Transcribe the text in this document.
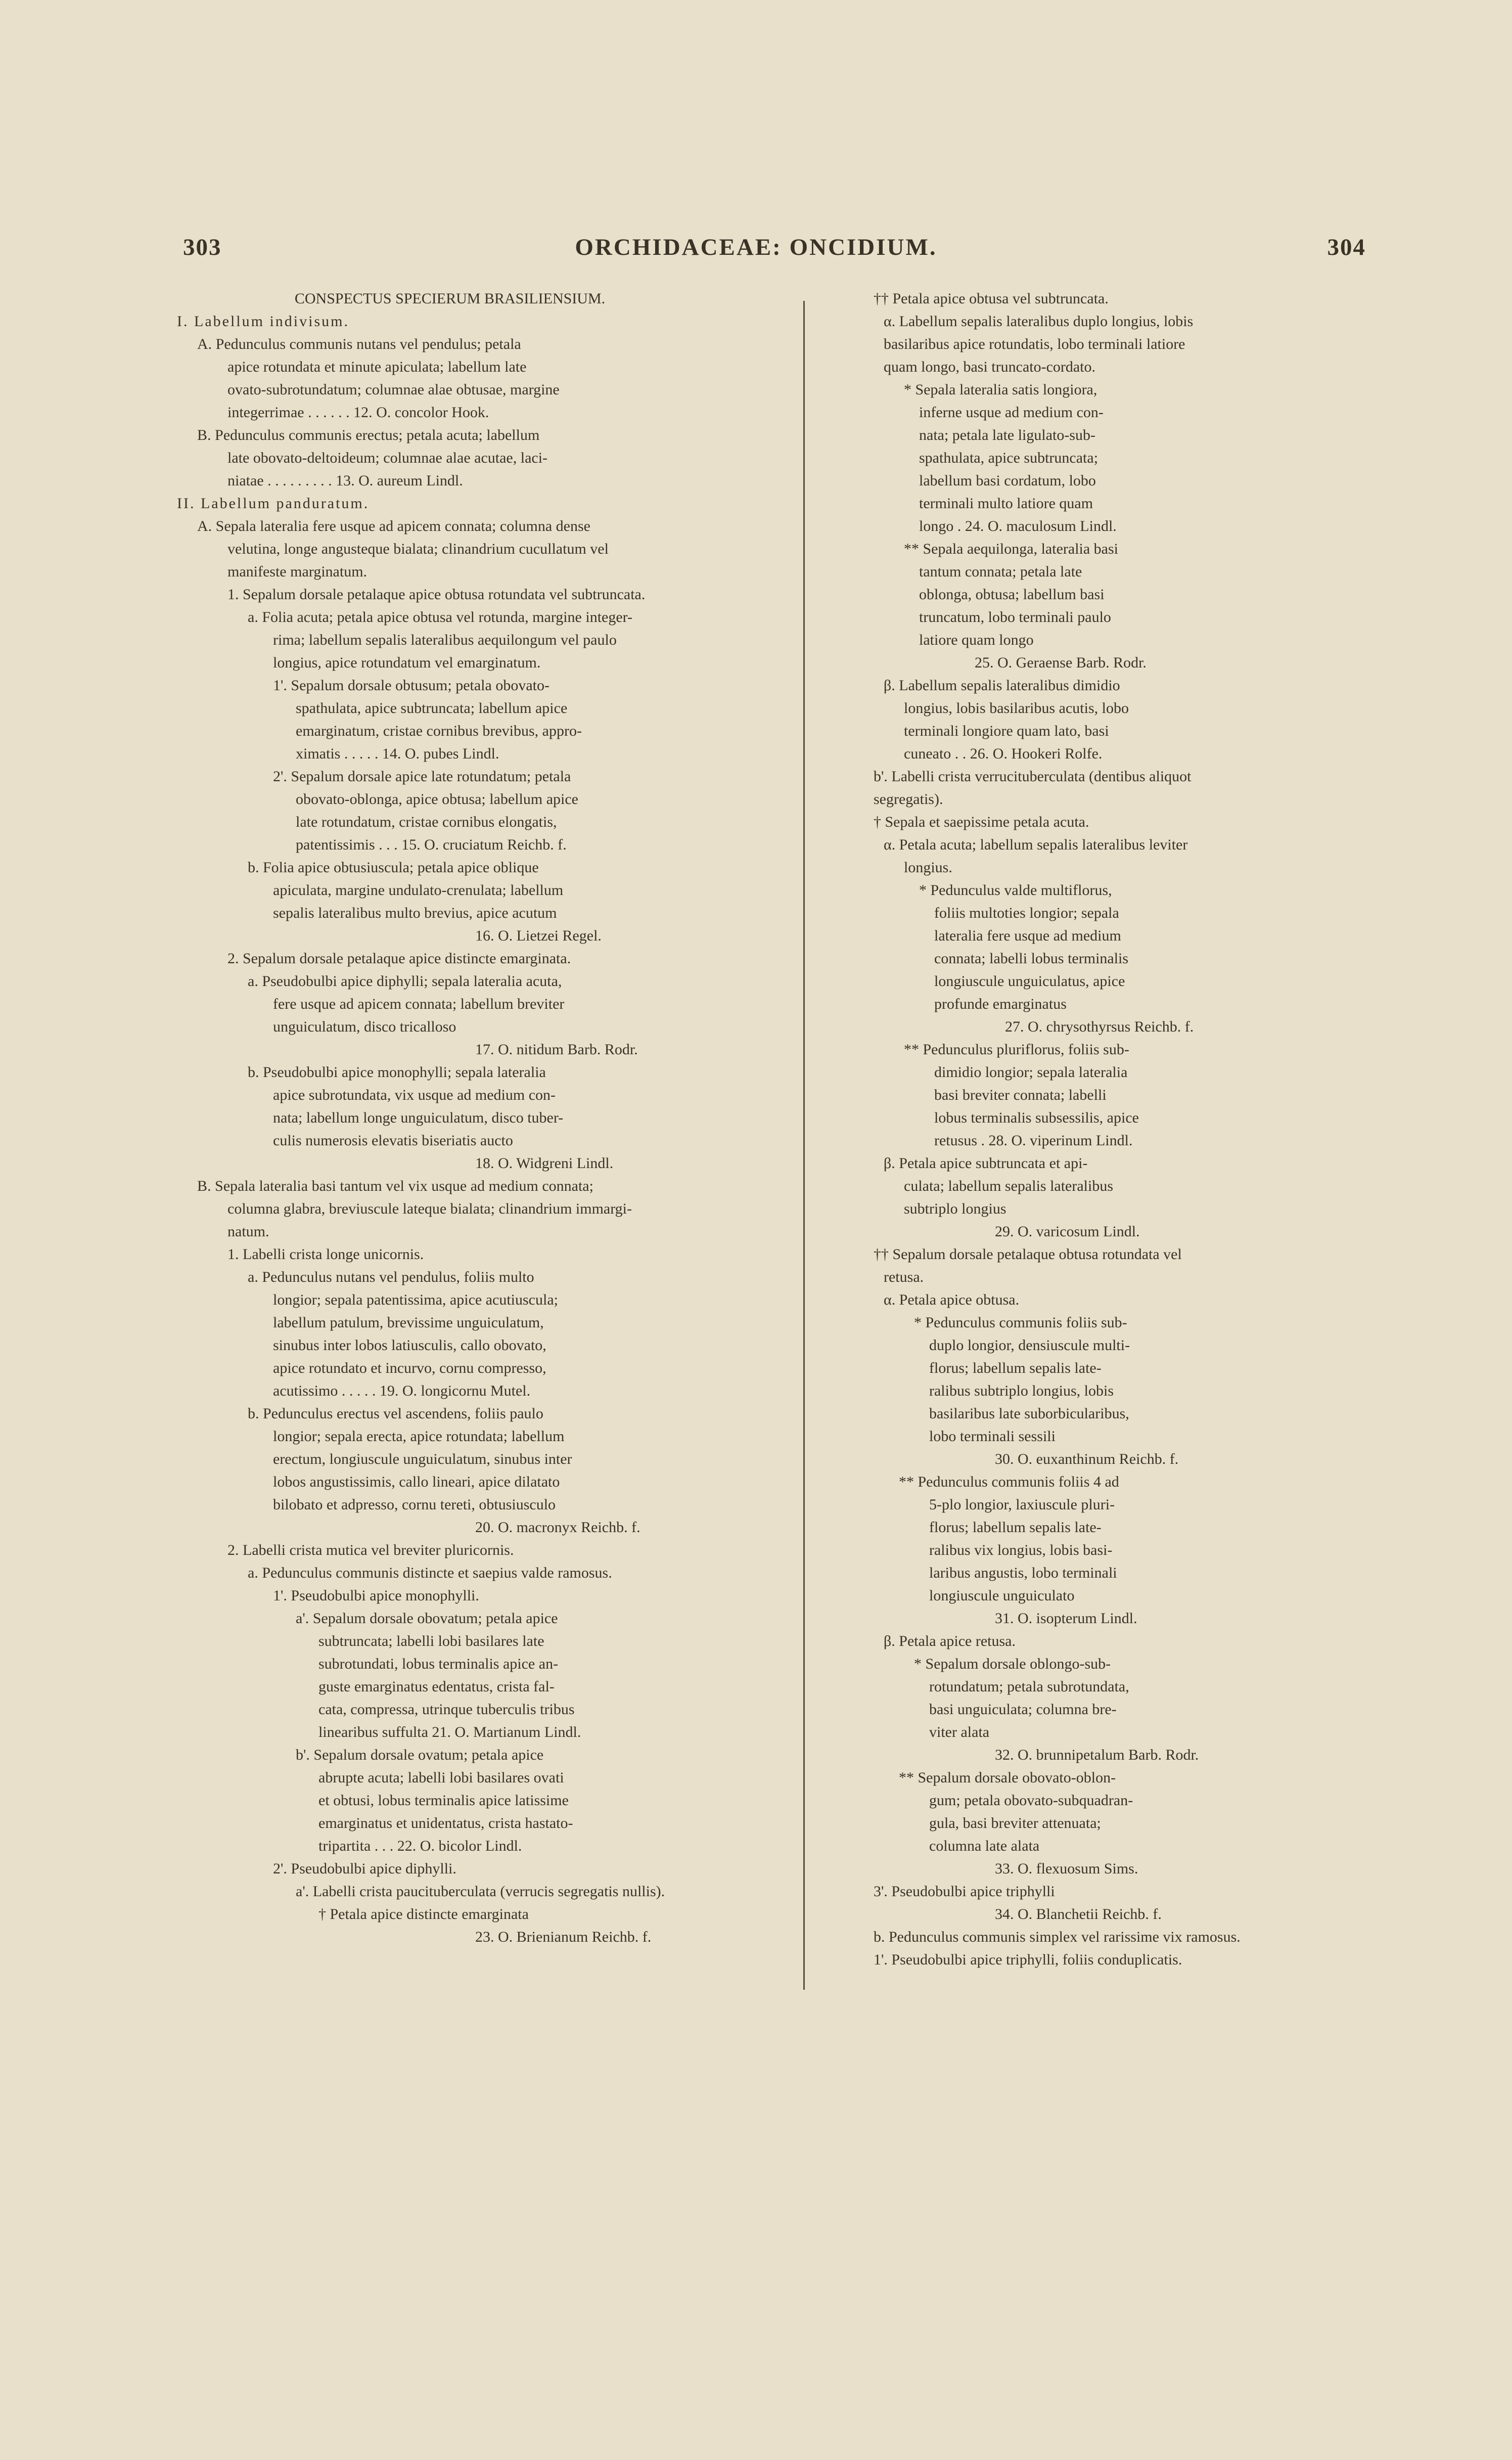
303	ORCHIDACEAE: ONCIDIUM.	304
CONSPECTUS SPECIERUM BRASILIENSIUM.
I. Labellum indivisum.
A. Pedunculus communis nutans vel pendulus; petala
apice rotundata et minute apiculata; labellum late
ovato-subrotundatum; columnae alae obtusae, margine
integerrimae . . . . . . 12. O. concolor Hook.
B. Pedunculus communis erectus; petala acuta; labellum
late obovato-deltoideum; columnae alae acutae, laci-
niatae . . . . . . . . . 13. O. aureum Lindl.
II. Labellum panduratum.
A. Sepala lateralia fere usque ad apicem connata; columna dense
velutina, longe angusteque bialata; clinandrium cucullatum vel
manifeste marginatum.
1. Sepalum dorsale petalaque apice obtusa rotundata vel subtruncata.
a. Folia acuta; petala apice obtusa vel rotunda, margine integer-
rima; labellum sepalis lateralibus aequilongum vel paulo
longius, apice rotundatum vel emarginatum.
1'. Sepalum dorsale obtusum; petala obovato-
spathulata, apice subtruncata; labellum apice
emarginatum, cristae cornibus brevibus, appro-
ximatis . . . . . 14. O. pubes Lindl.
2'. Sepalum dorsale apice late rotundatum; petala
obovato-oblonga, apice obtusa; labellum apice
late rotundatum, cristae cornibus elongatis,
patentissimis . . . 15. O. cruciatum Reichb. f.
b. Folia apice obtusiuscula; petala apice oblique
apiculata, margine undulato-crenulata; labellum
sepalis lateralibus multo brevius, apice acutum
16. O. Lietzei Regel.
2. Sepalum dorsale petalaque apice distincte emarginata.
a. Pseudobulbi apice diphylli; sepala lateralia acuta,
fere usque ad apicem connata; labellum breviter
unguiculatum, disco tricalloso
17. O. nitidum Barb. Rodr.
b. Pseudobulbi apice monophylli; sepala lateralia
apice subrotundata, vix usque ad medium con-
nata; labellum longe unguiculatum, disco tuber-
culis numerosis elevatis biseriatis aucto
18. O. Widgreni Lindl.
B. Sepala lateralia basi tantum vel vix usque ad medium connata;
columna glabra, breviuscule lateque bialata; clinandrium immargi-
natum.
1. Labelli crista longe unicornis.
a. Pedunculus nutans vel pendulus, foliis multo
longior; sepala patentissima, apice acutiuscula;
labellum patulum, brevissime unguiculatum,
sinubus inter lobos latiusculis, callo obovato,
apice rotundato et incurvo, cornu compresso,
acutissimo . . . . . 19. O. longicornu Mutel.
b. Pedunculus erectus vel ascendens, foliis paulo
longior; sepala erecta, apice rotundata; labellum
erectum, longiuscule unguiculatum, sinubus inter
lobos angustissimis, callo lineari, apice dilatato
bilobato et adpresso, cornu tereti, obtusiusculo
20. O. macronyx Reichb. f.
2. Labelli crista mutica vel breviter pluricornis.
a. Pedunculus communis distincte et saepius valde ramosus.
1'. Pseudobulbi apice monophylli.
a'. Sepalum dorsale obovatum; petala apice
subtruncata; labelli lobi basilares late
subrotundati, lobus terminalis apice an-
guste emarginatus edentatus, crista fal-
cata, compressa, utrinque tuberculis tribus
linearibus suffulta 21. O. Martianum Lindl.
b'. Sepalum dorsale ovatum; petala apice
abrupte acuta; labelli lobi basilares ovati
et obtusi, lobus terminalis apice latissime
emarginatus et unidentatus, crista hastato-
tripartita . . . 22. O. bicolor Lindl.
2'. Pseudobulbi apice diphylli.
a'. Labelli crista paucituberculata (verrucis segregatis nullis).
† Petala apice distincte emarginata
23. O. Brienianum Reichb. f.
†† Petala apice obtusa vel subtruncata.
α. Labellum sepalis lateralibus duplo longius, lobis
basilaribus apice rotundatis, lobo terminali latiore
quam longo, basi truncato-cordato.
* Sepala lateralia satis longiora,
inferne usque ad medium con-
nata; petala late ligulato-sub-
spathulata, apice subtruncata;
labellum basi cordatum, lobo
terminali multo latiore quam
longo . 24. O. maculosum Lindl.
** Sepala aequilonga, lateralia basi
tantum connata; petala late
oblonga, obtusa; labellum basi
truncatum, lobo terminali paulo
latiore quam longo
25. O. Geraense Barb. Rodr.
β. Labellum sepalis lateralibus dimidio
longius, lobis basilaribus acutis, lobo
terminali longiore quam lato, basi
cuneato . . 26. O. Hookeri Rolfe.
b'. Labelli crista verrucituberculata (dentibus aliquot
segregatis).
† Sepala et saepissime petala acuta.
α. Petala acuta; labellum sepalis lateralibus leviter
longius.
* Pedunculus valde multiflorus,
foliis multoties longior; sepala
lateralia fere usque ad medium
connata; labelli lobus terminalis
longiuscule unguiculatus, apice
profunde emarginatus
27. O. chrysothyrsus Reichb. f.
** Pedunculus pluriflorus, foliis sub-
dimidio longior; sepala lateralia
basi breviter connata; labelli
lobus terminalis subsessilis, apice
retusus . 28. O. viperinum Lindl.
β. Petala apice subtruncata et api-
culata; labellum sepalis lateralibus
subtriplo longius
29. O. varicosum Lindl.
†† Sepalum dorsale petalaque obtusa rotundata vel
retusa.
α. Petala apice obtusa.
* Pedunculus communis foliis sub-
duplo longior, densiuscule multi-
florus; labellum sepalis late-
ralibus subtriplo longius, lobis
basilaribus late suborbicularibus,
lobo terminali sessili
30. O. euxanthinum Reichb. f.
** Pedunculus communis foliis 4 ad
5-plo longior, laxiuscule pluri-
florus; labellum sepalis late-
ralibus vix longius, lobis basi-
laribus angustis, lobo terminali
longiuscule unguiculato
31. O. isopterum Lindl.
β. Petala apice retusa.
* Sepalum dorsale oblongo-sub-
rotundatum; petala subrotundata,
basi unguiculata; columna bre-
viter alata
32. O. brunnipetalum Barb. Rodr.
** Sepalum dorsale obovato-oblon-
gum; petala obovato-subquadran-
gula, basi breviter attenuata;
columna late alata
33. O. flexuosum Sims.
3'. Pseudobulbi apice triphylli
34. O. Blanchetii Reichb. f.
b. Pedunculus communis simplex vel rarissime vix ramosus.
1'. Pseudobulbi apice triphylli, foliis conduplicatis.
